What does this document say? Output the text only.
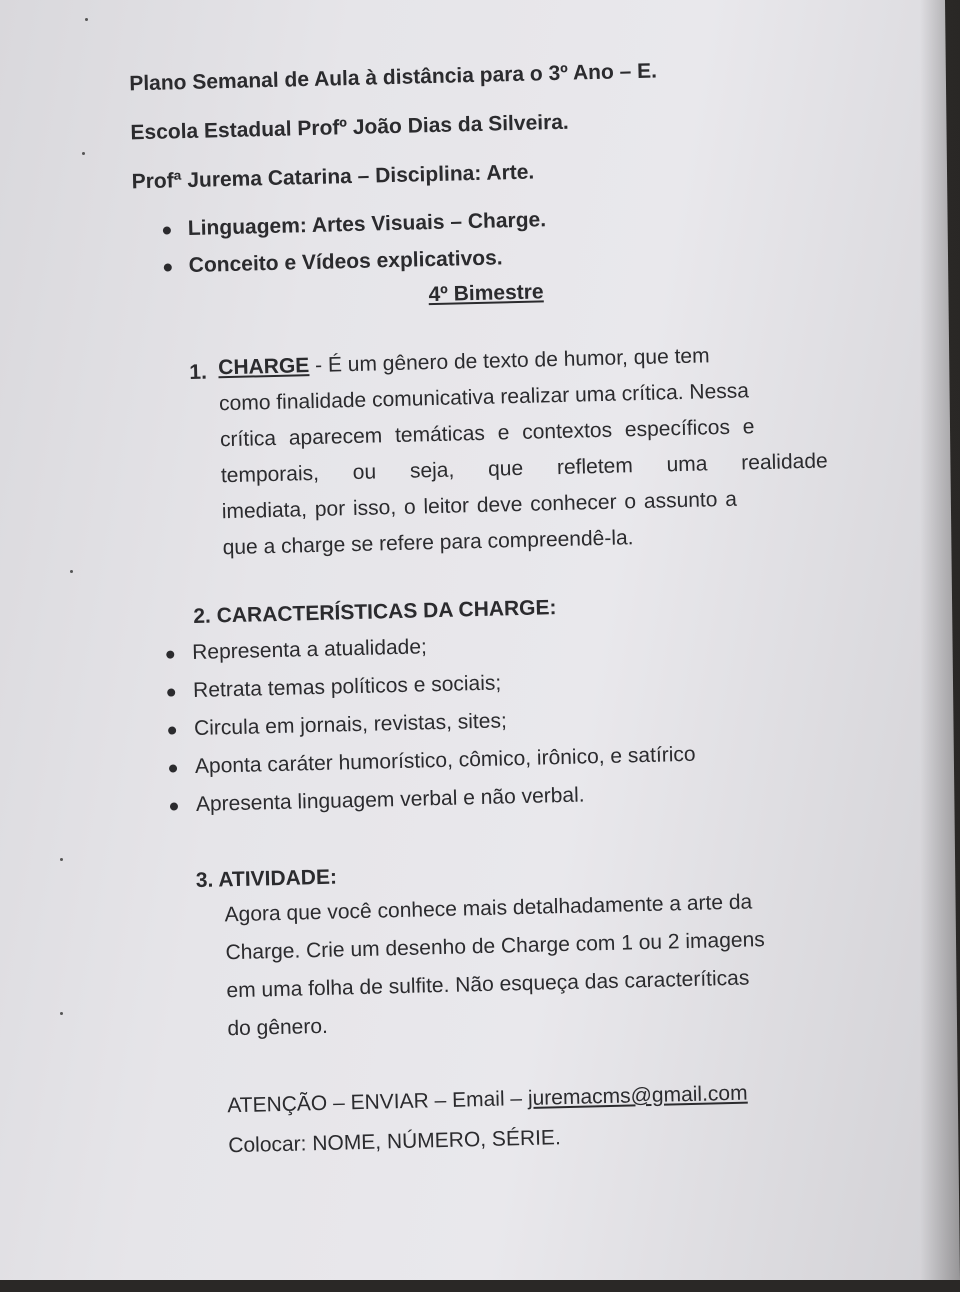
Plano Semanal de Aula à distância para o 3º Ano – E.
Escola Estadual Profº João Dias da Silveira.
Profª Jurema Catarina – Disciplina: Arte.
Linguagem: Artes Visuais – Charge.
Conceito e Vídeos explicativos.
4º Bimestre
1. CHARGE - É um gênero de texto de humor, que tem
como finalidade comunicativa realizar uma crítica. Nessa
crítica aparecem temáticas e contextos específicos e
temporais, ou seja, que refletem uma realidade
imediata, por isso, o leitor deve conhecer o assunto a
que a charge se refere para compreendê-la.
2. CARACTERÍSTICAS DA CHARGE:
Representa a atualidade;
Retrata temas políticos e sociais;
Circula em jornais, revistas, sites;
Aponta caráter humorístico, cômico, irônico, e satírico
Apresenta linguagem verbal e não verbal.
3. ATIVIDADE:
Agora que você conhece mais detalhadamente a arte da
Charge. Crie um desenho de Charge com 1 ou 2 imagens
em uma folha de sulfite. Não esqueça das caracteríticas
do gênero.
ATENÇÃO – ENVIAR – Email – juremacms@gmail.com
Colocar: NOME, NÚMERO, SÉRIE.
